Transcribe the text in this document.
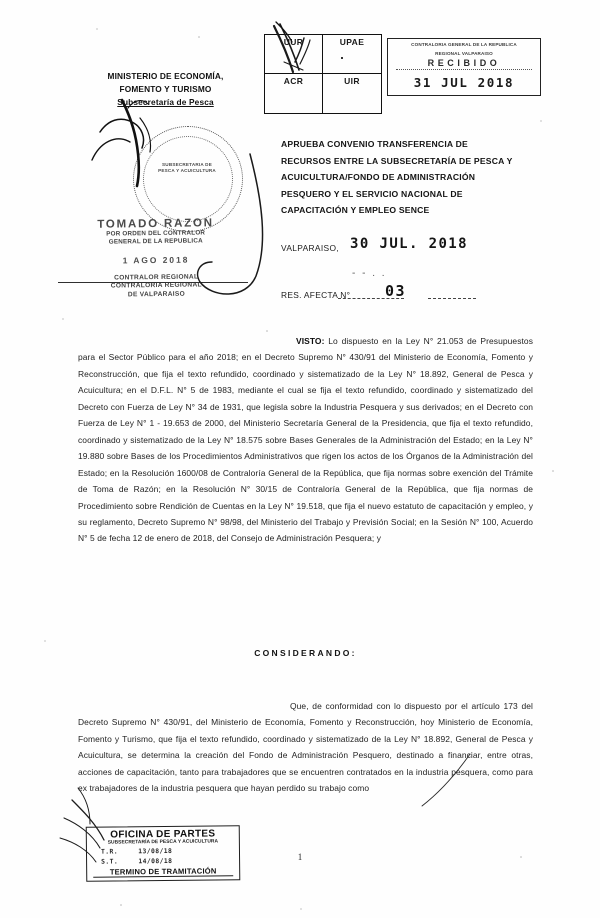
MINISTERIO DE ECONOMÍA,
FOMENTO Y TURISMO
Subsecretaría de Pesca
UUR	UPAE
ACR	UIR
CONTRALORIA GENERAL DE LA REPUBLICA
REGIONAL VALPARAISO
RECIBIDO
31 JUL 2018
APRUEBA CONVENIO TRANSFERENCIA DE
RECURSOS ENTRE LA SUBSECRETARÍA DE PESCA Y
ACUICULTURA/FONDO DE ADMINISTRACIÓN
PESQUERO Y EL SERVICIO NACIONAL DE
CAPACITACIÓN Y EMPLEO SENCE
VALPARAISO, 30 JUL. 2018
- - . .
RES. AFECTA N° 03
VISTO: Lo dispuesto en la Ley N° 21.053 de Presupuestos para el Sector Público para el año 2018; en el Decreto Supremo N° 430/91 del Ministerio de Economía, Fomento y Reconstrucción, que fija el texto refundido, coordinado y sistematizado de la Ley N° 18.892, General de Pesca y Acuicultura; en el D.F.L. N° 5 de 1983, mediante el cual se fija el texto refundido, coordinado y sistematizado del Decreto con Fuerza de Ley N° 34 de 1931, que legisla sobre la Industria Pesquera y sus derivados; en el Decreto con Fuerza de Ley N° 1 - 19.653 de 2000, del Ministerio Secretaría General de la Presidencia, que fija el texto refundido, coordinado y sistematizado de la Ley N° 18.575 sobre Bases Generales de la Administración del Estado; en la Ley N° 19.880 sobre Bases de los Procedimientos Administrativos que rigen los actos de los Órganos de la Administración del Estado; en la Resolución 1600/08 de Contraloría General de la República, que fija normas sobre exención del Trámite de Toma de Razón; en la Resolución N° 30/15 de Contraloría General de la República, que fija normas de Procedimiento sobre Rendición de Cuentas en la Ley N° 19.518, que fija el nuevo estatuto de capacitación y empleo, y su reglamento, Decreto Supremo N° 98/98, del Ministerio del Trabajo y Previsión Social; en la Sesión N° 100, Acuerdo N° 5 de fecha 12 de enero de 2018, del Consejo de Administración Pesquera; y
CONSIDERANDO:
Que, de conformidad con lo dispuesto por el artículo 173 del Decreto Supremo N° 430/91, del Ministerio de Economía, Fomento y Reconstrucción, hoy Ministerio de Economía, Fomento y Turismo, que fija el texto refundido, coordinado y sistematizado de la Ley N° 18.892, General de Pesca y Acuicultura, se determina la creación del Fondo de Administración Pesquero, destinado a financiar, entre otras, acciones de capacitación, tanto para trabajadores que se encuentren contratados en la industria pesquera, como para ex trabajadores de la industria pesquera que hayan perdido su trabajo como
SUBSECRETARIA DE PESCA Y ACUICULTURA
TOMADO RAZON
POR ORDEN DEL CONTRALOR
GENERAL DE LA REPUBLICA
1 AGO 2018
CONTRALOR REGIONAL
CONTRALORIA REGIONAL
DE VALPARAISO
OFICINA DE PARTES
SUBSECRETARÍA DE PESCA Y ACUICULTURA
T.R.	13/08/18
S.T.	14/08/18
TERMINO DE TRAMITACIÓN
1
